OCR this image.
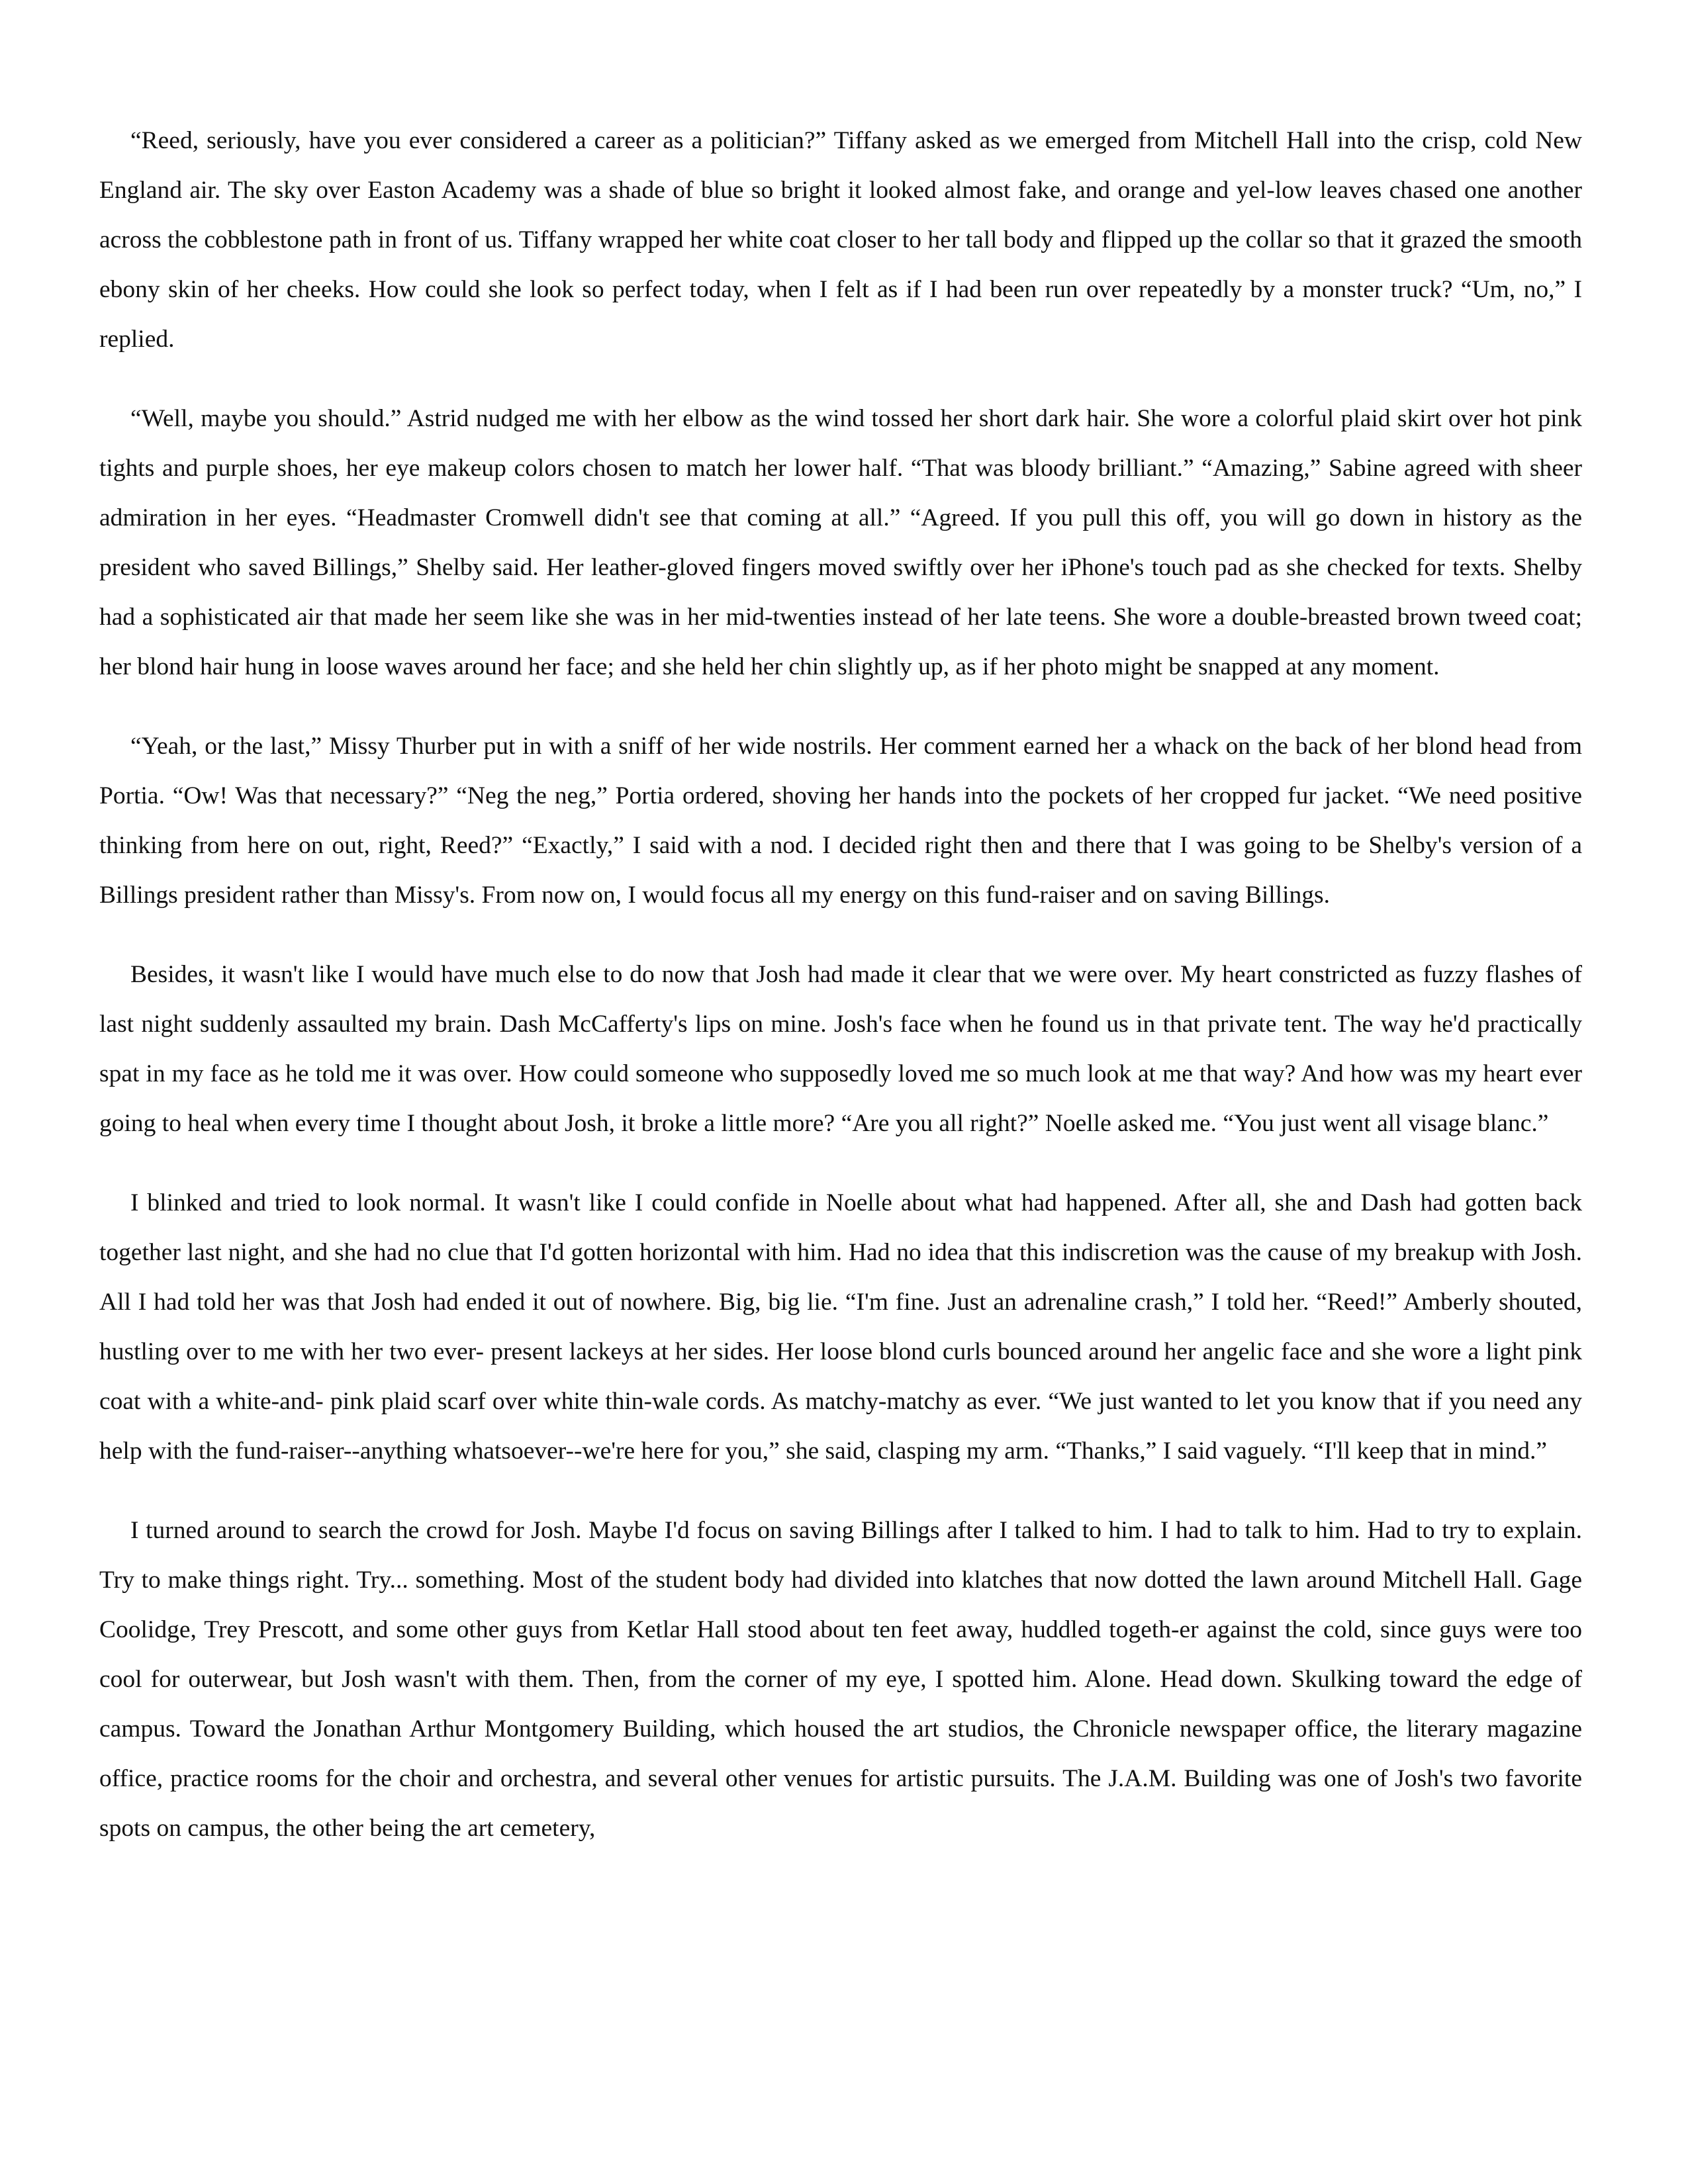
“Reed, seriously, have you ever considered a career as a politician?” Tiffany asked as we emerged from Mitchell Hall into the crisp, cold New England air. The sky over Easton Academy was a shade of blue so bright it looked almost fake, and orange and yel-low leaves chased one another across the cobblestone path in front of us. Tiffany wrapped her white coat closer to her tall body and flipped up the collar so that it grazed the smooth ebony skin of her cheeks. How could she look so perfect today, when I felt as if I had been run over repeatedly by a monster truck? “Um, no,” I replied.

“Well, maybe you should.” Astrid nudged me with her elbow as the wind tossed her short dark hair. She wore a colorful plaid skirt over hot pink tights and purple shoes, her eye makeup colors chosen to match her lower half. “That was bloody brilliant.” “Amazing,” Sabine agreed with sheer admiration in her eyes. “Headmaster Cromwell didn't see that coming at all.” “Agreed. If you pull this off, you will go down in history as the president who saved Billings,” Shelby said. Her leather-gloved fingers moved swiftly over her iPhone's touch pad as she checked for texts. Shelby had a sophisticated air that made her seem like she was in her mid-twenties instead of her late teens. She wore a double-breasted brown tweed coat; her blond hair hung in loose waves around her face; and she held her chin slightly up, as if her photo might be snapped at any moment.

“Yeah, or the last,” Missy Thurber put in with a sniff of her wide nostrils. Her comment earned her a whack on the back of her blond head from Portia. “Ow! Was that necessary?” “Neg the neg,” Portia ordered, shoving her hands into the pockets of her cropped fur jacket. “We need positive thinking from here on out, right, Reed?” “Exactly,” I said with a nod. I decided right then and there that I was going to be Shelby's version of a Billings president rather than Missy's. From now on, I would focus all my energy on this fund-raiser and on saving Billings.

Besides, it wasn't like I would have much else to do now that Josh had made it clear that we were over. My heart constricted as fuzzy flashes of last night suddenly assaulted my brain. Dash McCafferty's lips on mine. Josh's face when he found us in that private tent. The way he'd practically spat in my face as he told me it was over. How could someone who supposedly loved me so much look at me that way? And how was my heart ever going to heal when every time I thought about Josh, it broke a little more? “Are you all right?” Noelle asked me. “You just went all visage blanc.”

I blinked and tried to look normal. It wasn't like I could confide in Noelle about what had happened. After all, she and Dash had gotten back together last night, and she had no clue that I'd gotten horizontal with him. Had no idea that this indiscretion was the cause of my breakup with Josh. All I had told her was that Josh had ended it out of nowhere. Big, big lie. “I'm fine. Just an adrenaline crash,” I told her. “Reed!” Amberly shouted, hustling over to me with her two ever- present lackeys at her sides. Her loose blond curls bounced around her angelic face and she wore a light pink coat with a white-and- pink plaid scarf over white thin-wale cords. As matchy-matchy as ever. “We just wanted to let you know that if you need any help with the fund-raiser--anything whatsoever--we're here for you,” she said, clasping my arm. “Thanks,” I said vaguely. “I'll keep that in mind.”

I turned around to search the crowd for Josh. Maybe I'd focus on saving Billings after I talked to him. I had to talk to him. Had to try to explain. Try to make things right. Try... something. Most of the student body had divided into klatches that now dotted the lawn around Mitchell Hall. Gage Coolidge, Trey Prescott, and some other guys from Ketlar Hall stood about ten feet away, huddled togeth-er against the cold, since guys were too cool for outerwear, but Josh wasn't with them. Then, from the corner of my eye, I spotted him. Alone. Head down. Skulking toward the edge of campus. Toward the Jonathan Arthur Montgomery Building, which housed the art studios, the Chronicle newspaper office, the literary magazine office, practice rooms for the choir and orchestra, and several other venues for artistic pursuits. The J.A.M. Building was one of Josh's two favorite spots on campus, the other being the art cemetery,
